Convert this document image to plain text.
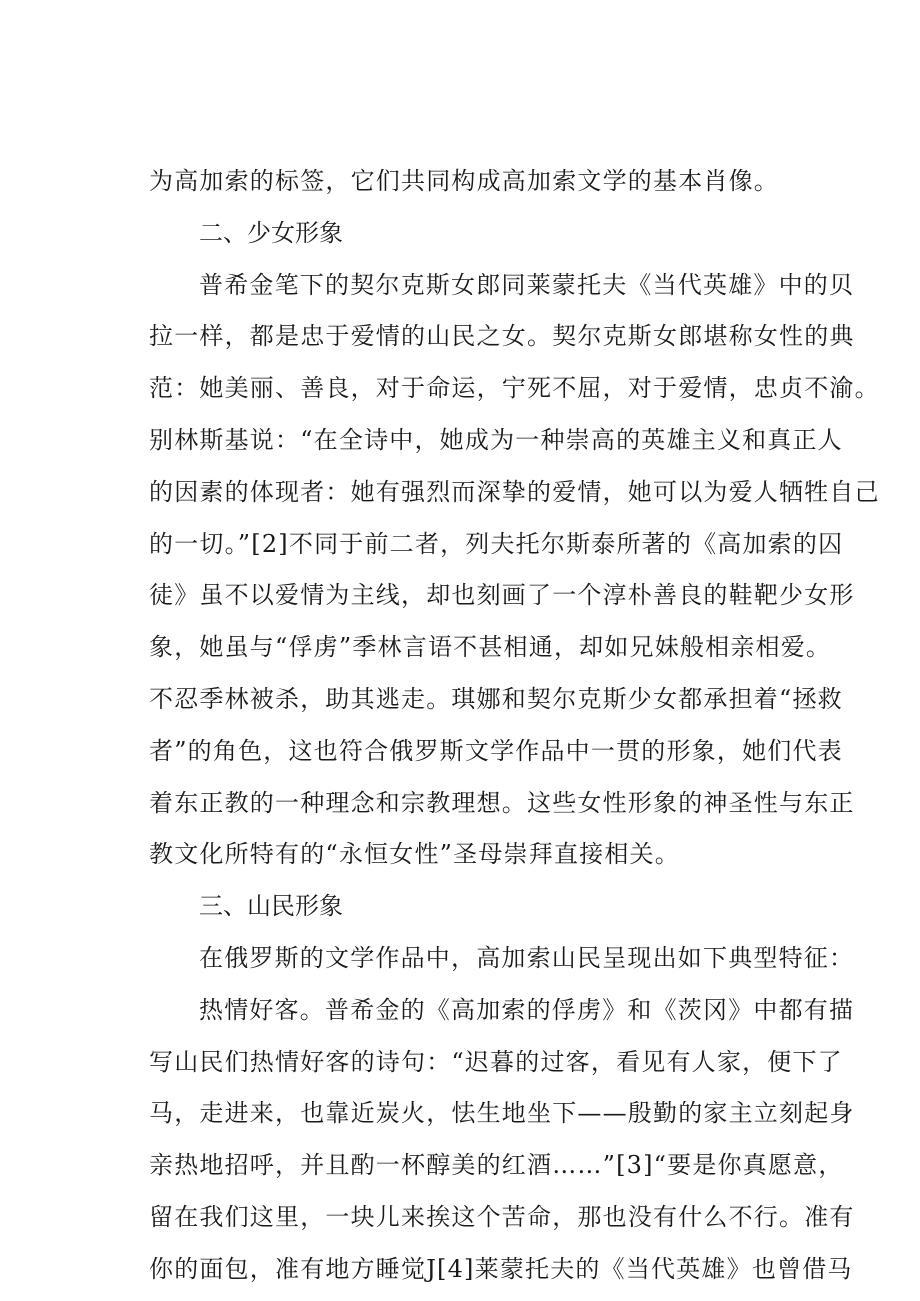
为高加索的标签，它们共同构成高加索文学的基本肖像。
二、少女形象
普希金笔下的契尔克斯女郎同莱蒙托夫《当代英雄》中的贝
拉一样，都是忠于爱情的山民之女。契尔克斯女郎堪称女性的典
范：她美丽、善良，对于命运，宁死不屈，对于爱情，忠贞不渝。
别林斯基说：“在全诗中，她成为一种崇高的英雄主义和真正人
的因素的体现者：她有强烈而深挚的爱情，她可以为爱人牺牲自己
的一切。”[2]不同于前二者，列夫托尔斯泰所著的《高加索的囚
徒》虽不以爱情为主线，却也刻画了一个淳朴善良的鞋靶少女形
象，她虽与“俘虏”季林言语不甚相通，却如兄妹般相亲相爱。
不忍季林被杀，助其逃走。琪娜和契尔克斯少女都承担着“拯救
者”的角色，这也符合俄罗斯文学作品中一贯的形象，她们代表
着东正教的一种理念和宗教理想。这些女性形象的神圣性与东正
教文化所特有的“永恒女性”圣母崇拜直接相关。
三、山民形象
在俄罗斯的文学作品中，高加索山民呈现出如下典型特征：
热情好客。普希金的《高加索的俘虏》和《茨冈》中都有描
写山民们热情好客的诗句：“迟暮的过客，看见有人家，便下了
马，走进来，也靠近炭火，怯生地坐下——殷勤的家主立刻起身
亲热地招呼，并且酌一杯醇美的红酒……”[3]“要是你真愿意，
留在我们这里，一块儿来挨这个苦命，那也没有什么不行。准有
你的面包，准有地方睡觉J[4]莱蒙托夫的《当代英雄》也曾借马
